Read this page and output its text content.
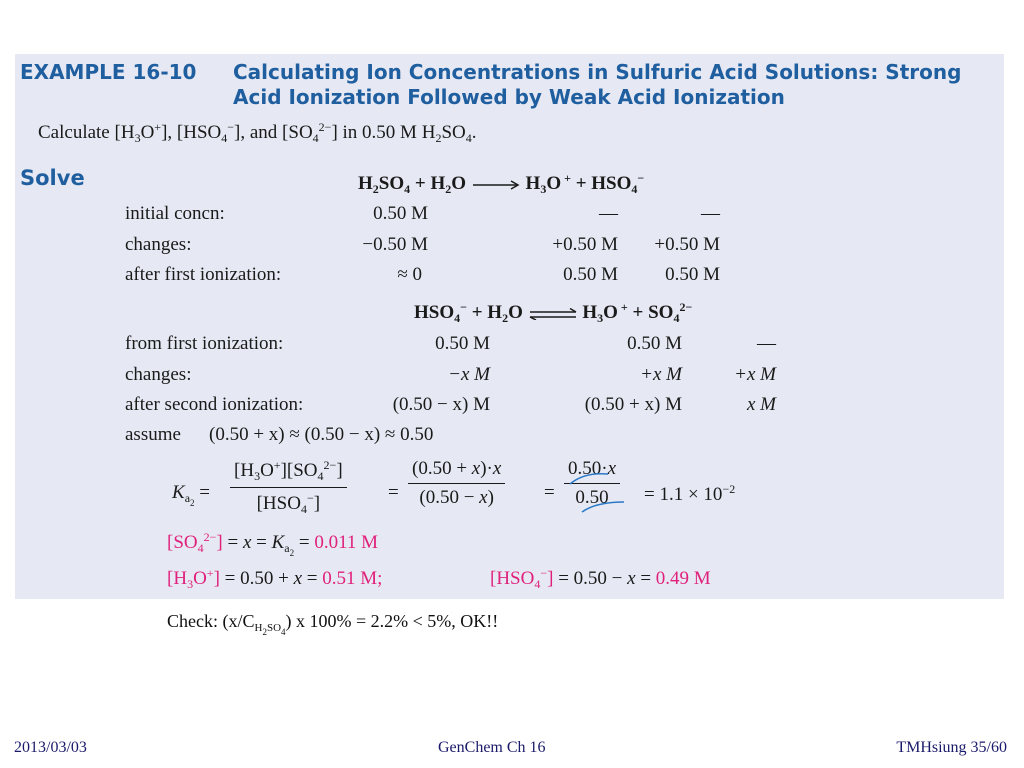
EXAMPLE 16-10 Calculating Ion Concentrations in Sulfuric Acid Solutions: Strong Acid Ionization Followed by Weak Acid Ionization
Calculate $[H_3O^+]$, $[HSO_4^-]$, and $[SO_4^{2-}]$ in 0.50 M $H_2SO_4$.
Solve	$H_2SO_4 + H_2O$	$H_3O$ $^+ + HSO_4^-$
initial concn:	0.50 M	—	—
changes:	−0.50 M	+0.50 M	+0.50 M
after first ionization:	≈ 0	0.50 M	0.50 M
$HSO_4^- + H_2O$ ⇌ $H_3O$ $^+ + SO_4^{2-}$
from first ionization:	0.50 M	0.50 M	—
changes:	−x M	+x M	+x M
after second ionization:	(0.50 − x) M	(0.50 + x) M	x M
assume (0.50 + x) ≈ (0.50 − x) ≈ 0.50
$K_{a_2}$ =
$[H_3O^+][SO_4^{2-}]$
$[HSO_4^-]$
= $\frac{(0.50 + x)\cdot x}{(0.50 - x)} = \frac{0.50\cdot x}{0.50} = 1.1 \times 10^{-2}$
$[SO_4^{2-}] = x = K_{a_2} = 0.011$ M
$[H_3O^+] = 0.50 + x = 0.51$ M;	$[HSO_4^-] = 0.50 - x = 0.49$ M
Check: $(x/C_{H_2SO_4})$ x 100% = 2.2% < 5%, OK!!
2013/03/03	GenChem Ch 16	TMHsiung 35/60
